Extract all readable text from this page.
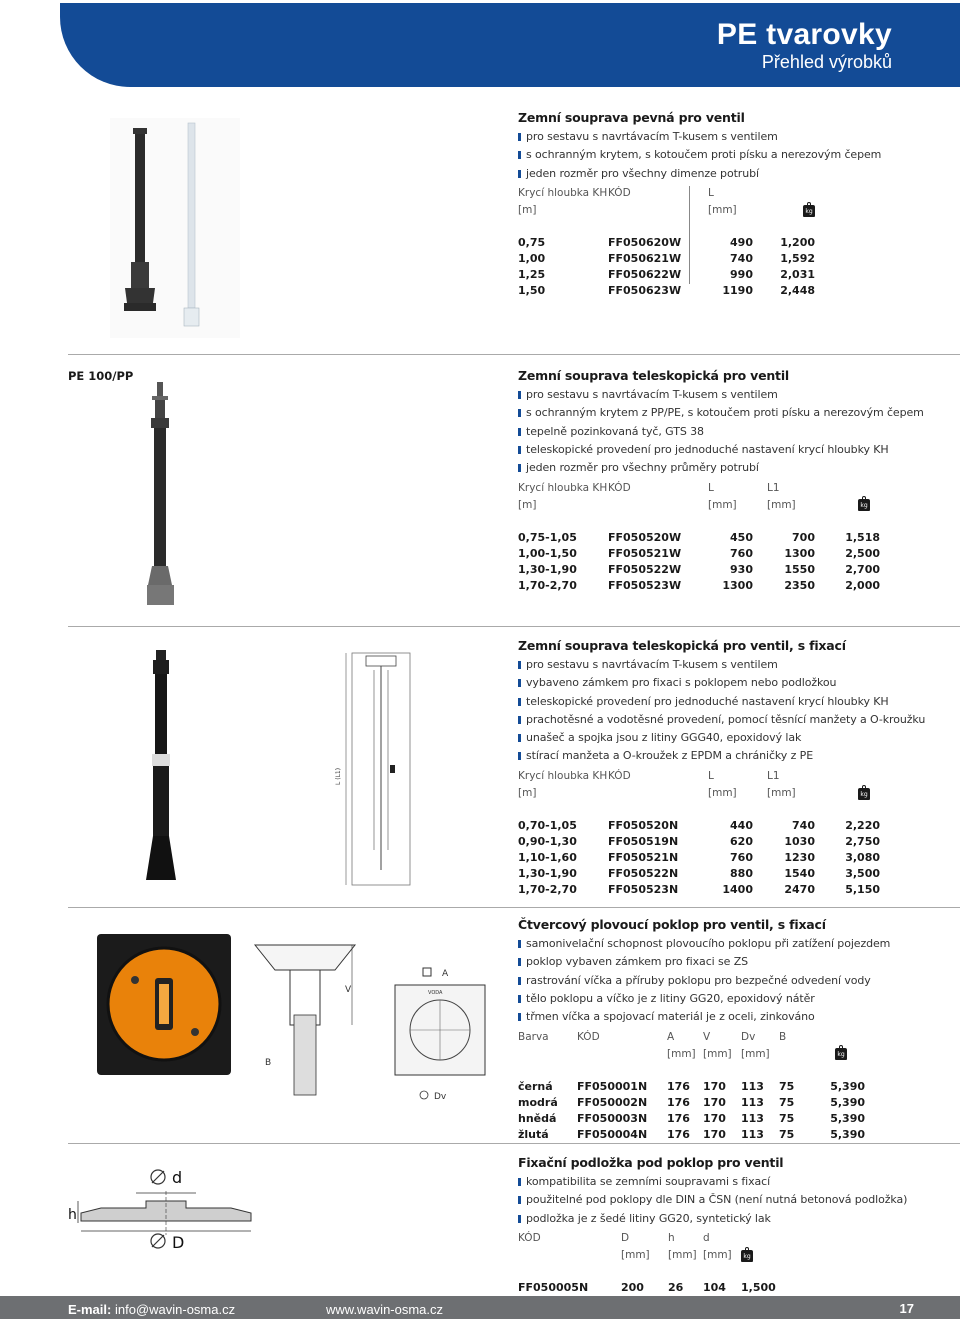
PE tvarovky
Přehled výrobků
PE 100/PP
Zemní souprava pevná pro ventil
pro sestavu s navrtávacím T-kusem s ventilem
s ochranným krytem, s kotoučem proti písku a nerezovým čepem
jeden rozměr pro všechny dimenze potrubí
Krycí hloubka KH	KÓD	L	
[m]		[mm]	kg

0,75	FF050620W	490	1,200
1,00	FF050621W	740	1,592
1,25	FF050622W	990	2,031
1,50	FF050623W	1190	2,448
Zemní souprava teleskopická pro ventil
pro sestavu s navrtávacím T-kusem s ventilem
s ochranným krytem z PP/PE, s kotoučem proti písku a nerezovým čepem
tepelně pozinkovaná tyč, GTS 38
teleskopické provedení pro jednoduché nastavení krycí hloubky KH
jeden rozměr pro všechny průměry potrubí
Krycí hloubka KH	KÓD	L	L1	
[m]		[mm]	[mm]	kg

0,75-1,05	FF050520W	450	700	1,518
1,00-1,50	FF050521W	760	1300	2,500
1,30-1,90	FF050522W	930	1550	2,700
1,70-2,70	FF050523W	1300	2350	2,000
L (L1)
Zemní souprava teleskopická pro ventil, s fixací
pro sestavu s navrtávacím T-kusem s ventilem
vybaveno zámkem pro fixaci s poklopem nebo podložkou
teleskopické provedení pro jednoduché nastavení krycí hloubky KH
prachotěsné a vodotěsné provedení, pomocí těsnící manžety a O-kroužku
unašeč a spojka jsou z litiny GGG40, epoxidový lak
stírací manžeta a O-kroužek z EPDM a chráničky z PE
Krycí hloubka KH	KÓD	L	L1	
[m]		[mm]	[mm]	kg

0,70-1,05	FF050520N	440	740	2,220
0,90-1,30	FF050519N	620	1030	2,750
1,10-1,60	FF050521N	760	1230	3,080
1,30-1,90	FF050522N	880	1540	3,500
1,70-2,70	FF050523N	1400	2470	5,150
V
B
A
VODA
Dv
Čtvercový plovoucí poklop pro ventil, s fixací
samonivelační schopnost plovoucího poklopu při zatížení pojezdem
poklop vybaven zámkem pro fixaci se ZS
rastrování víčka a příruby poklopu pro bezpečné odvedení vody
tělo poklopu a víčko je z litiny GG20, epoxidový nátěr
třmen víčka a spojovací materiál je z oceli, zinkováno
Barva	KÓD	A	V	Dv	B	
		[mm]	[mm]	[mm]		kg

černá	FF050001N	176	170	113	75	5,390
modrá	FF050002N	176	170	113	75	5,390
hnědá	FF050003N	176	170	113	75	5,390
žlutá	FF050004N	176	170	113	75	5,390
d
h
D
Fixační podložka pod poklop pro ventil
kompatibilita se zemními soupravami s fixací
použitelné pod poklopy dle DIN a ČSN (není nutná betonová podložka)
podložka je z šedé litiny GG20, syntetický lak
KÓD	D	h	d	
	[mm]	[mm]	[mm]	kg

FF050005N	200	26	104	1,500
E-mail: info@wavin-osma.cz	www.wavin-osma.cz	17
